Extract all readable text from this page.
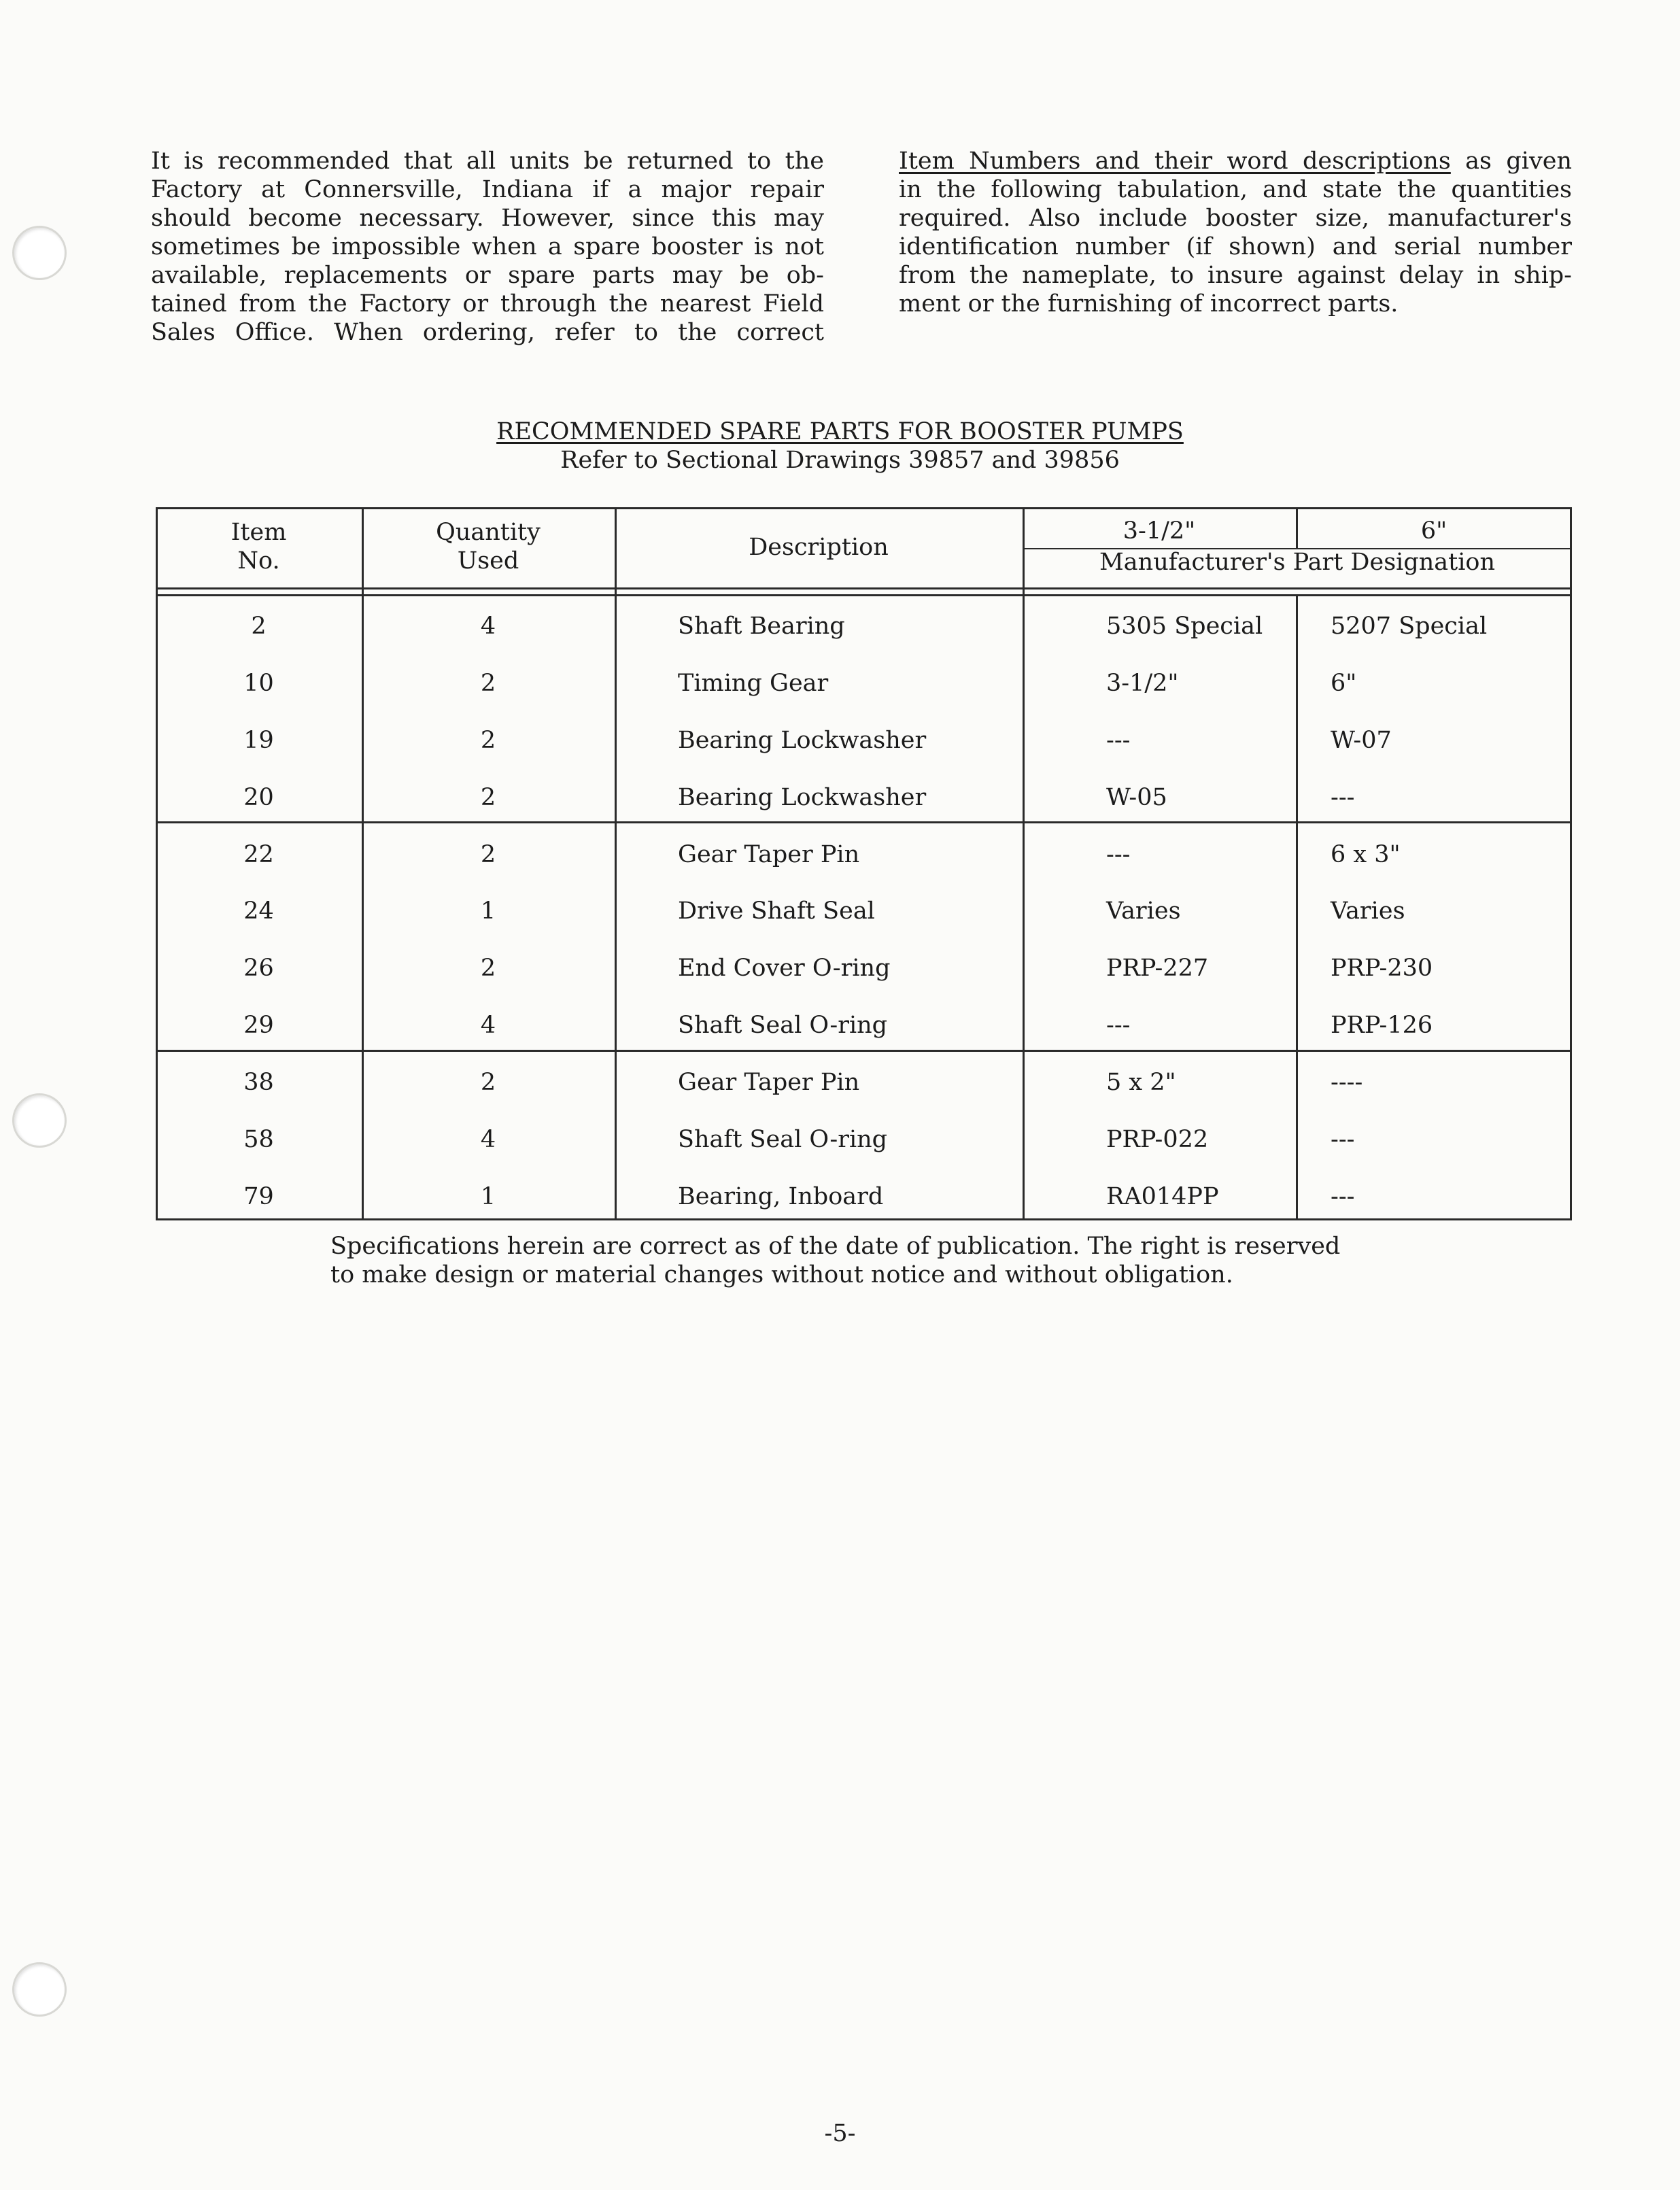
It is recommended that all units be returned to the
Factory at Connersville, Indiana if a major repair
should become necessary. However, since this may
sometimes be impossible when a spare booster is not
available, replacements or spare parts may be ob-
tained from the Factory or through the nearest Field
Sales Office. When ordering, refer to the correct
Item Numbers and their word descriptions as given
in the following tabulation, and state the quantities
required. Also include booster size, manufacturer's
identification number (if shown) and serial number
from the nameplate, to insure against delay in ship-
ment or the furnishing of incorrect parts.
RECOMMENDED SPARE PARTS FOR BOOSTER PUMPS
Refer to Sectional Drawings 39857 and 39856
Item
No.
Quantity
Used	Description
3-1/2"	6"
Manufacturer's Part Designation
2	4	Shaft Bearing	5305 Special	5207 Special
10	2	Timing Gear	3-1/2"	6"
19	2	Bearing Lockwasher	---	W-07
20	2	Bearing Lockwasher	W-05	---
22	2	Gear Taper Pin	---	6 x 3"
24	1	Drive Shaft Seal	Varies	Varies
26	2	End Cover O-ring	PRP-227	PRP-230
29	4	Shaft Seal O-ring	---	PRP-126
38	2	Gear Taper Pin	5 x 2"	----
58	4	Shaft Seal O-ring	PRP-022	---
79	1	Bearing, Inboard	RA014PP	---
Specifications herein are correct as of the date of publication. The right is reserved
to make design or material changes without notice and without obligation.
-5-
